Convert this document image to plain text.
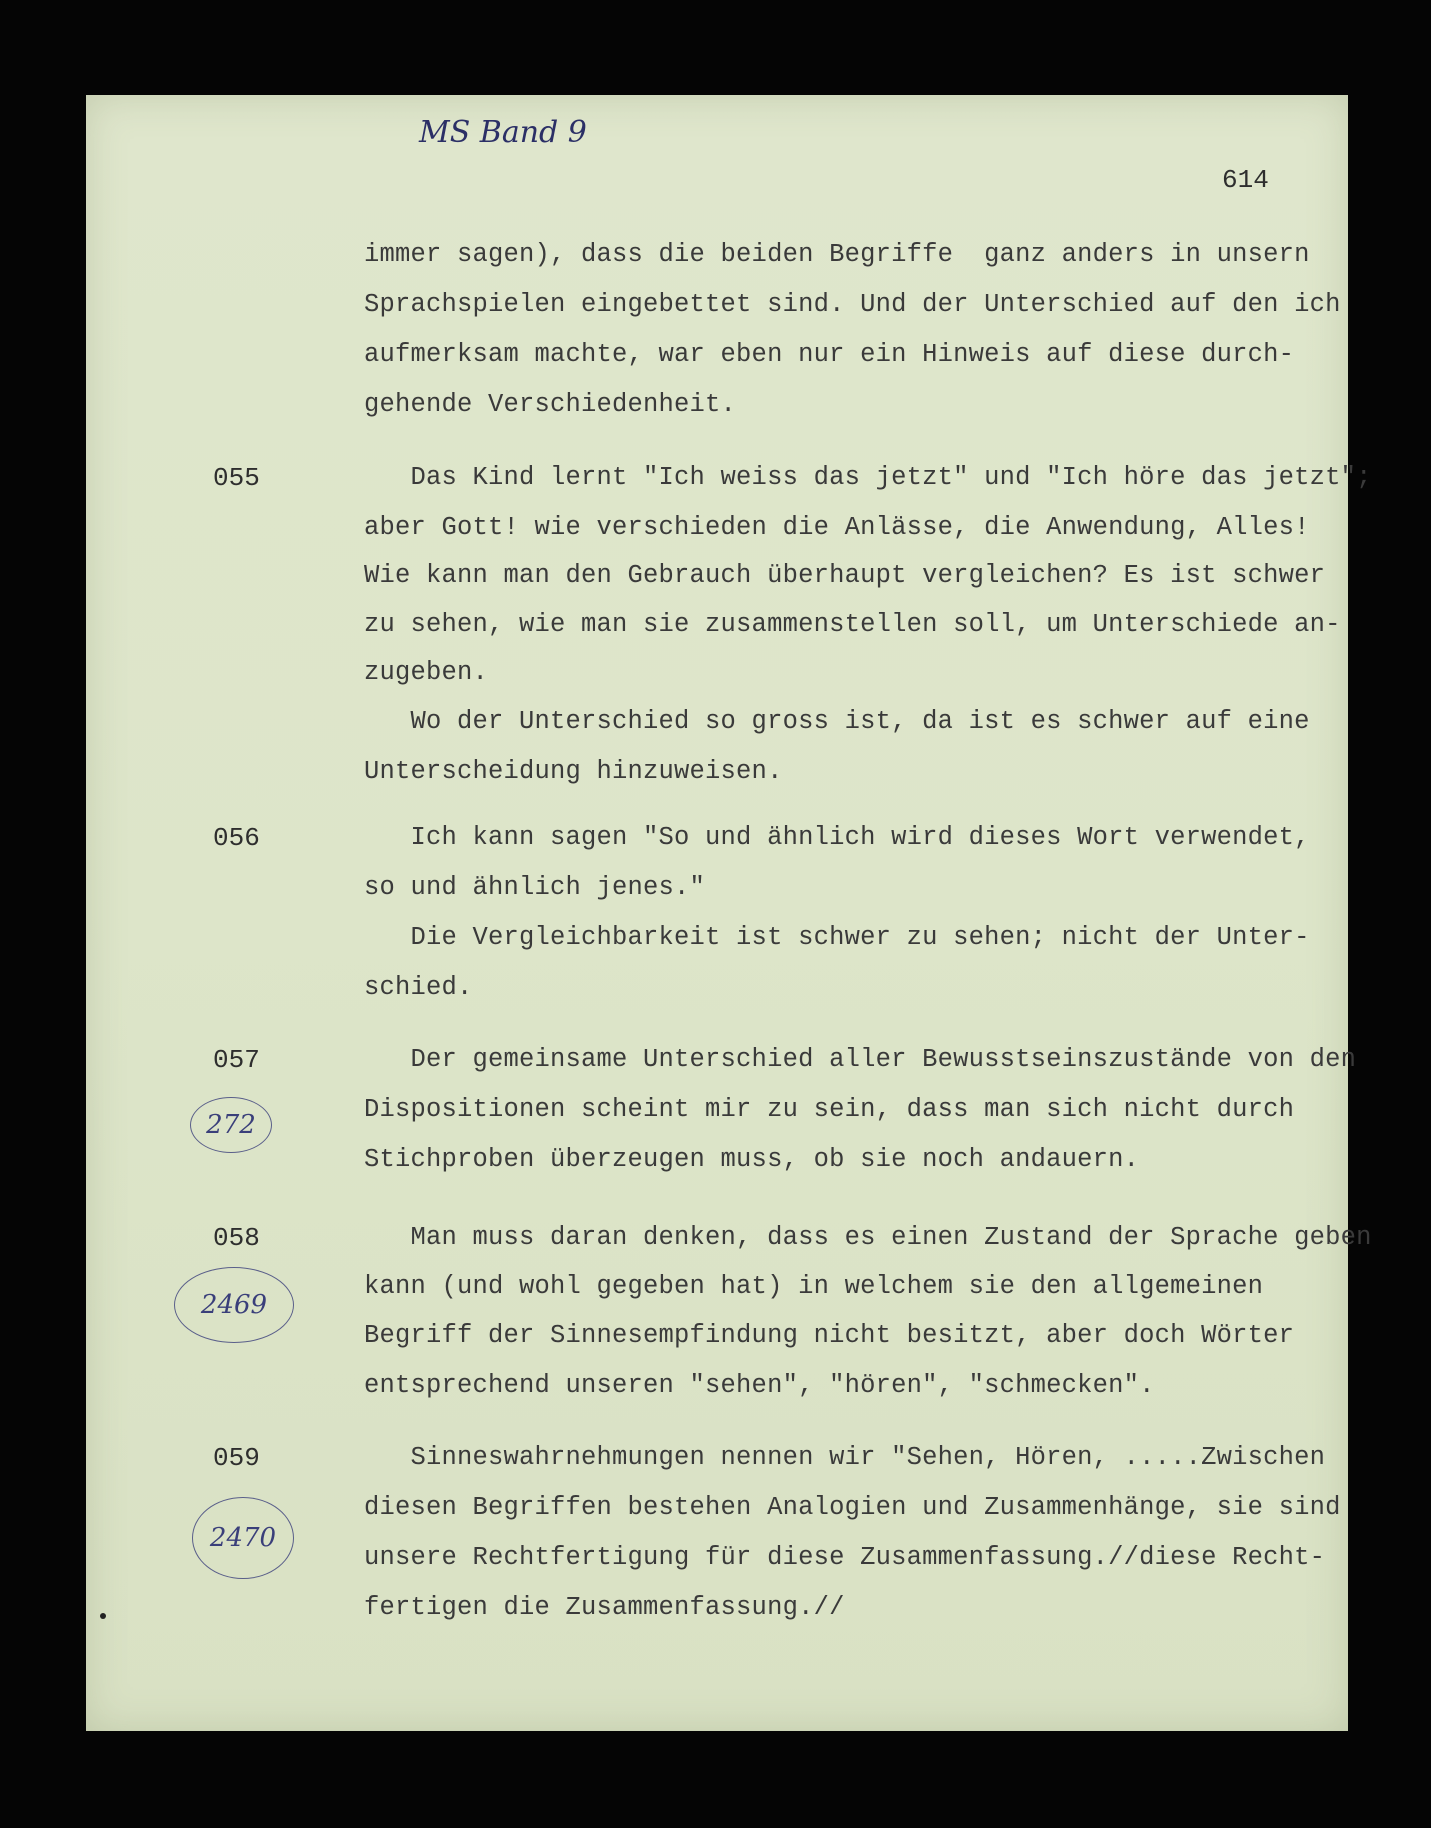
MS Band 9
614
055
056
057
058
059
272
2469
2470
immer sagen), dass die beiden Begriffe  ganz anders in unsern
Sprachspielen eingebettet sind. Und der Unterschied auf den ich
aufmerksam machte, war eben nur ein Hinweis auf diese durch-
gehende Verschiedenheit.
Das Kind lernt "Ich weiss das jetzt" und "Ich höre das jetzt";
aber Gott! wie verschieden die Anlässe, die Anwendung, Alles!
Wie kann man den Gebrauch überhaupt vergleichen? Es ist schwer
zu sehen, wie man sie zusammenstellen soll, um Unterschiede an-
zugeben.
Wo der Unterschied so gross ist, da ist es schwer auf eine
Unterscheidung hinzuweisen.
Ich kann sagen "So und ähnlich wird dieses Wort verwendet,
so und ähnlich jenes."
Die Vergleichbarkeit ist schwer zu sehen; nicht der Unter-
schied.
Der gemeinsame Unterschied aller Bewusstseinszustände von den
Dispositionen scheint mir zu sein, dass man sich nicht durch
Stichproben überzeugen muss, ob sie noch andauern.
Man muss daran denken, dass es einen Zustand der Sprache geben
kann (und wohl gegeben hat) in welchem sie den allgemeinen
Begriff der Sinnesempfindung nicht besitzt, aber doch Wörter
entsprechend unseren "sehen", "hören", "schmecken".
Sinneswahrnehmungen nennen wir "Sehen, Hören, .....Zwischen
diesen Begriffen bestehen Analogien und Zusammenhänge, sie sind
unsere Rechtfertigung für diese Zusammenfassung.//diese Recht-
fertigen die Zusammenfassung.//
